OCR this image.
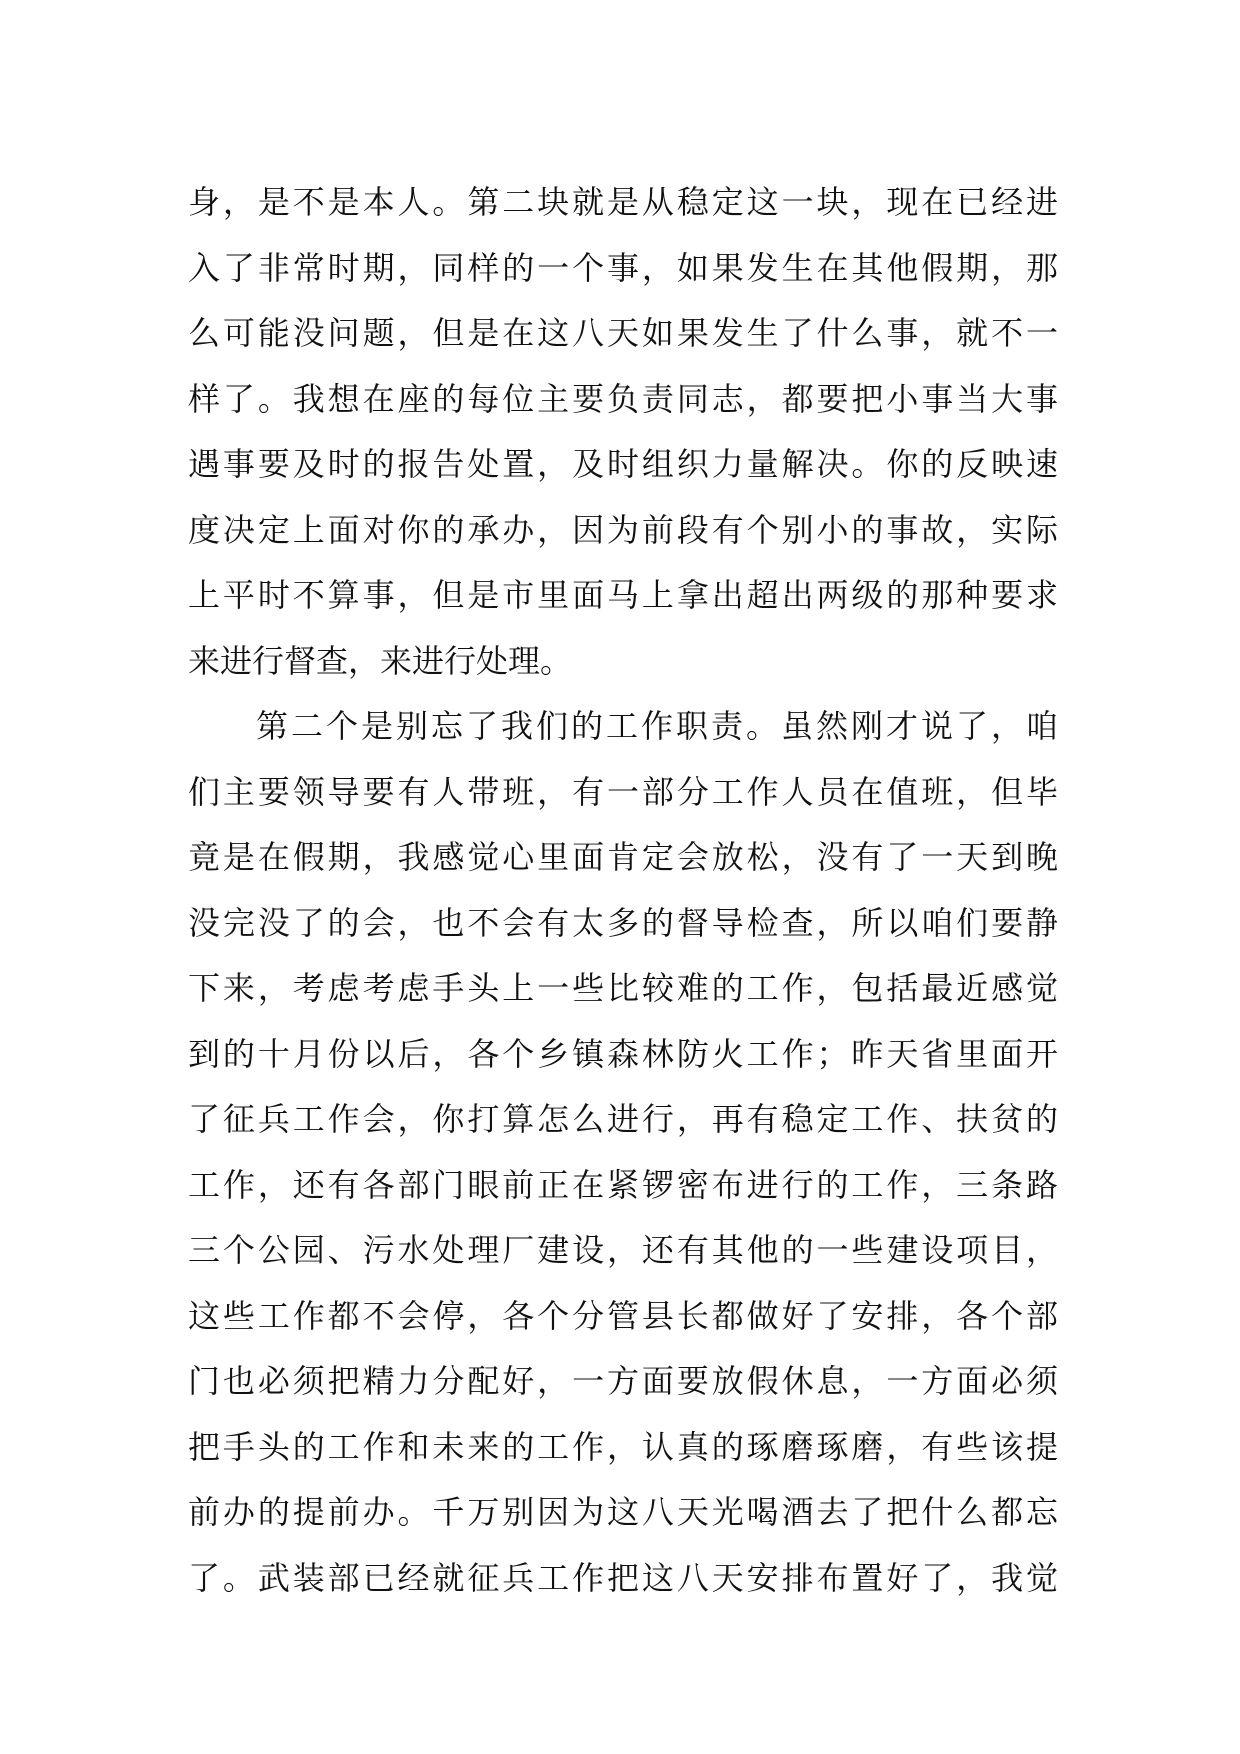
身，是不是本人。第二块就是从稳定这一块，现在已经进
入了非常时期，同样的一个事，如果发生在其他假期，那
么可能没问题，但是在这八天如果发生了什么事，就不一
样了。我想在座的每位主要负责同志，都要把小事当大事
遇事要及时的报告处置，及时组织力量解决。你的反映速
度决定上面对你的承办，因为前段有个别小的事故，实际
上平时不算事，但是市里面马上拿出超出两级的那种要求
来进行督查，来进行处理。
第二个是别忘了我们的工作职责。虽然刚才说了，咱
们主要领导要有人带班，有一部分工作人员在值班，但毕
竟是在假期，我感觉心里面肯定会放松，没有了一天到晚
没完没了的会，也不会有太多的督导检查，所以咱们要静
下来，考虑考虑手头上一些比较难的工作，包括最近感觉
到的十月份以后，各个乡镇森林防火工作；昨天省里面开
了征兵工作会，你打算怎么进行，再有稳定工作、扶贫的
工作，还有各部门眼前正在紧锣密布进行的工作，三条路
三个公园、污水处理厂建设，还有其他的一些建设项目，
这些工作都不会停，各个分管县长都做好了安排，各个部
门也必须把精力分配好，一方面要放假休息，一方面必须
把手头的工作和未来的工作，认真的琢磨琢磨，有些该提
前办的提前办。千万别因为这八天光喝酒去了把什么都忘
了。武装部已经就征兵工作把这八天安排布置好了，我觉
